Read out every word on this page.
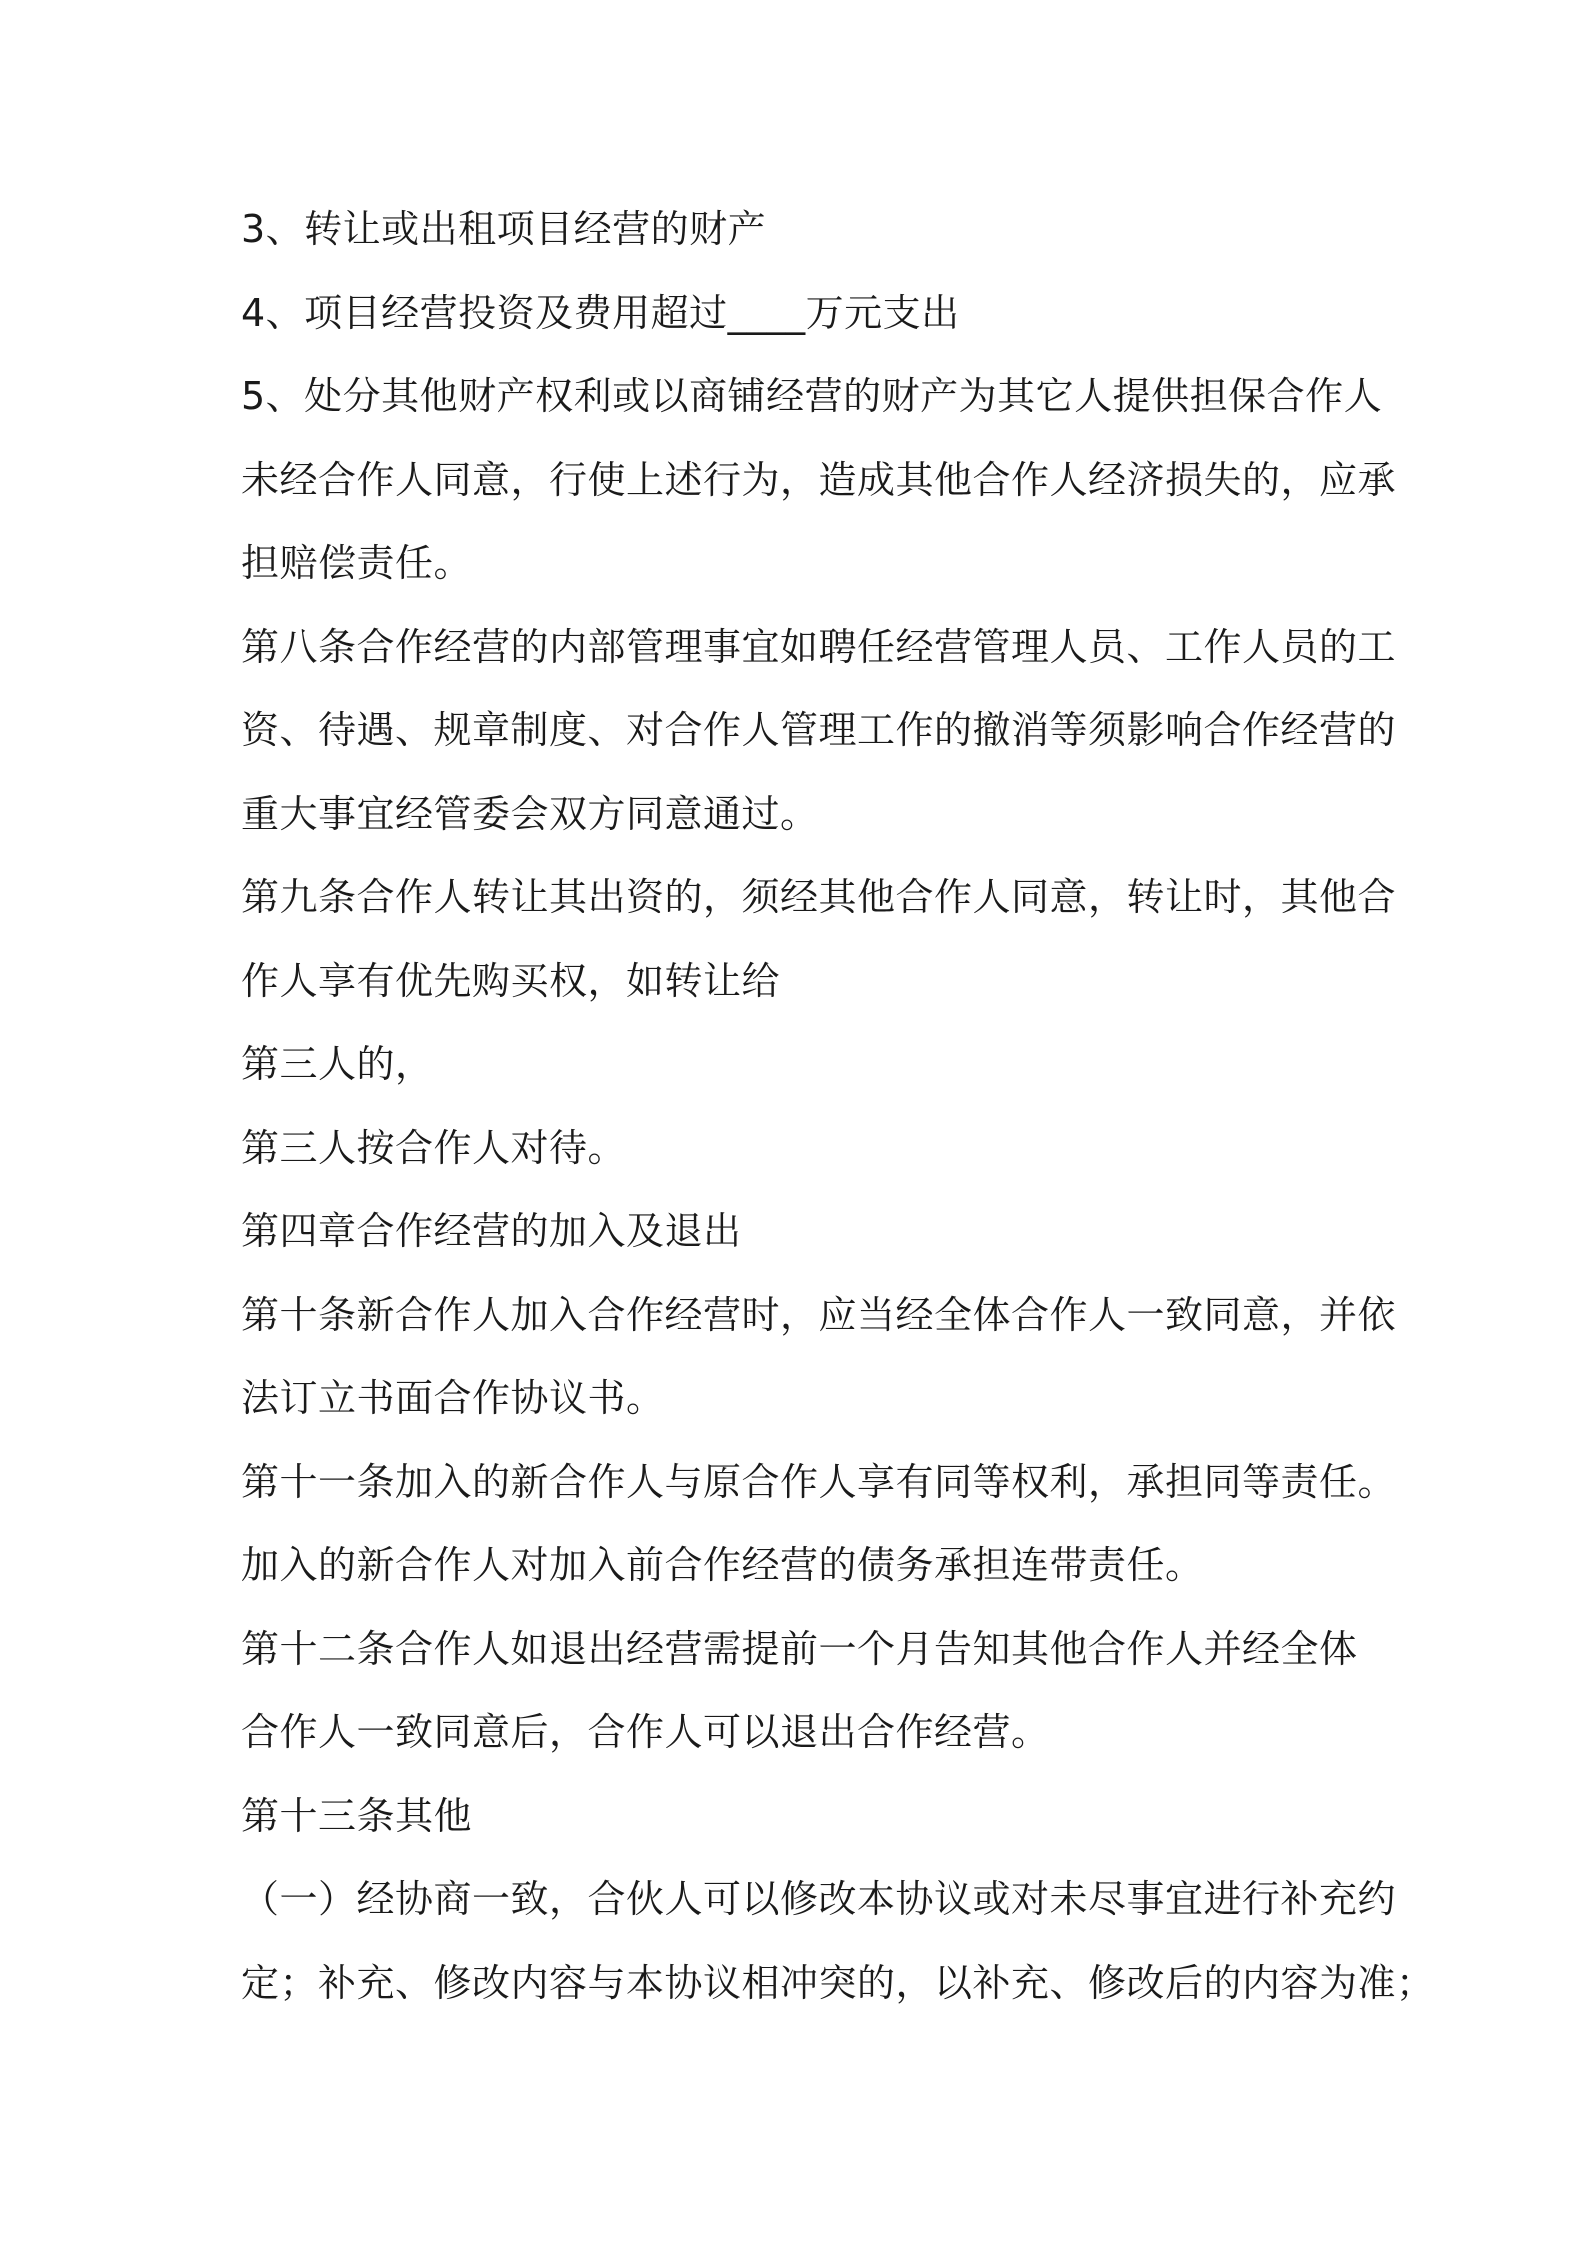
3、转让或出租项目经营的财产
4、项目经营投资及费用超过____万元支出
5、处分其他财产权利或以商铺经营的财产为其它人提供担保合作人
未经合作人同意，行使上述行为，造成其他合作人经济损失的，应承
担赔偿责任。
第八条合作经营的内部管理事宜如聘任经营管理人员、工作人员的工
资、待遇、规章制度、对合作人管理工作的撤消等须影响合作经营的
重大事宜经管委会双方同意通过。
第九条合作人转让其出资的，须经其他合作人同意，转让时，其他合
作人享有优先购买权，如转让给
第三人的，
第三人按合作人对待。
第四章合作经营的加入及退出
第十条新合作人加入合作经营时，应当经全体合作人一致同意，并依
法订立书面合作协议书。
第十一条加入的新合作人与原合作人享有同等权利，承担同等责任。
加入的新合作人对加入前合作经营的债务承担连带责任。
第十二条合作人如退出经营需提前一个月告知其他合作人并经全体
合作人一致同意后，合作人可以退出合作经营。
第十三条其他
（一）经协商一致，合伙人可以修改本协议或对未尽事宜进行补充约
定；补充、修改内容与本协议相冲突的，以补充、修改后的内容为准；
